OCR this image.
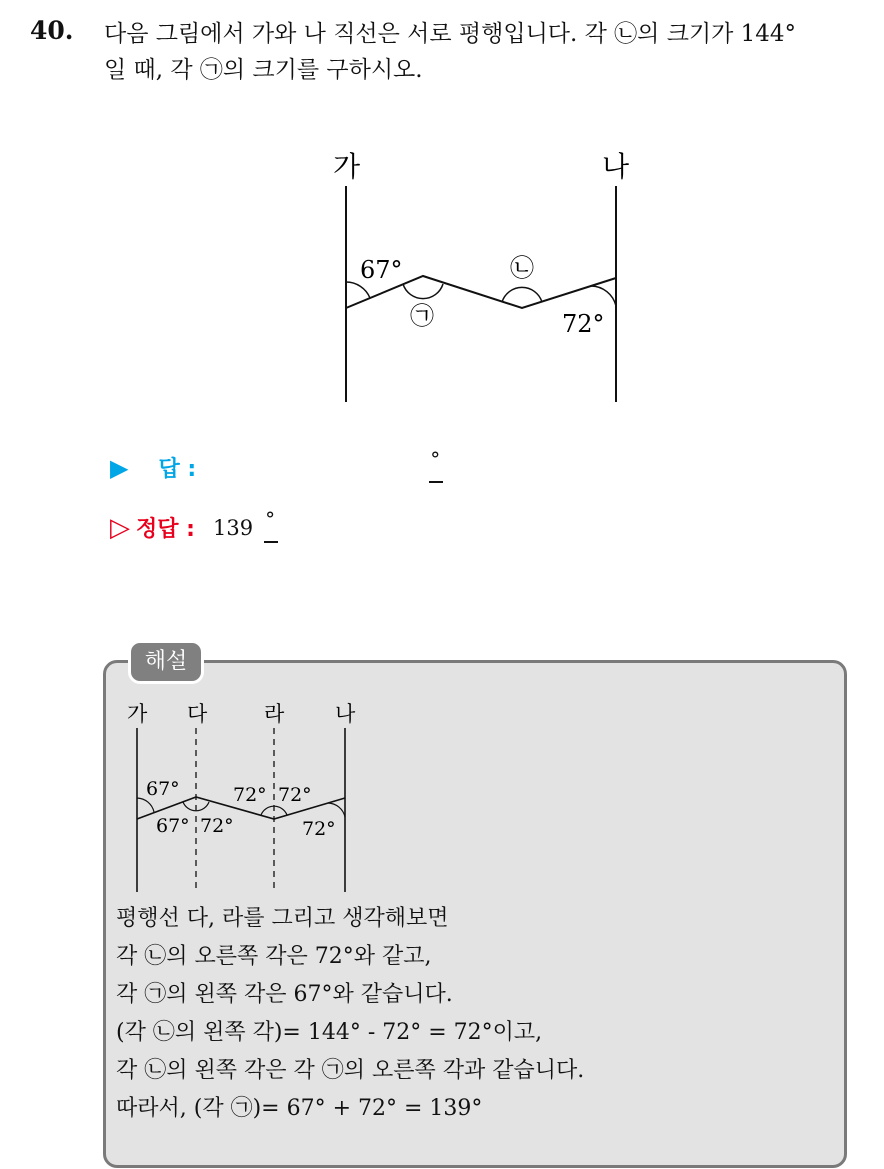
40. 다음 그림에서 가와 나 직선은 서로 평행입니다. 각 ㉡의 크기가 144°

일 때, 각 ㉠의 크기를 구하시오.

가	나
67°
㉠
㉡
72°
▶ 답 :	°
▷ 정답 : 139 °
해설
가 다	라 나
67°
67° 72°
72° 72°
72°

평행선 다, 라를 그리고 생각해보면

각 ㉡의 오른쪽 각은 72°와 같고,

각 ㉠의 왼쪽 각은 67°와 같습니다.

(각 ㉡의 왼쪽 각)= 144° - 72° = 72°이고,

각 ㉡의 왼쪽 각은 각 ㉠의 오른쪽 각과 같습니다.

따라서, (각 ㉠)= 67° + 72° = 139°
